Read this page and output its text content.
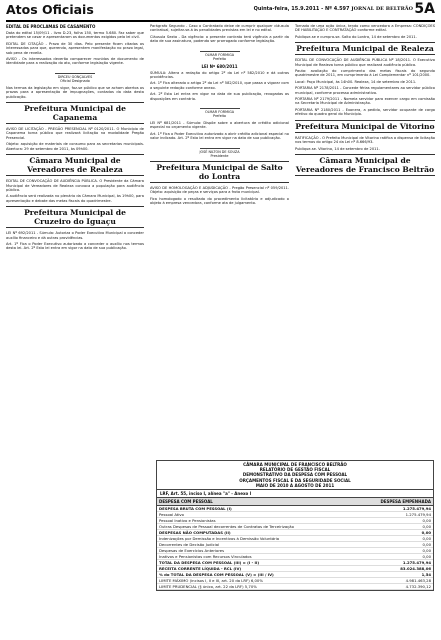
Atos Oficiais	Quinta-feira, 15.9.2011 - Nº 4.597 JORNAL DE BELTRÃO 5A
EDITAL DE PROCLAMAS DE CASAMENTO

Data do edital 15/09/11 - livro D-23, folha 150, termo 5.680. Faz saber que pretendem se casar e apresentaram os documentos exigidos pela lei civil.

EDITAL DE CITAÇÃO - Prazo de 30 dias. Pelo presente ficam citados os interessados para que, querendo, apresentem manifestação no prazo legal, sob pena de revelia.

AVISO - Os interessados deverão comparecer munidos de documento de identidade para a realização do ato, conforme legislação vigente.

DIRCEU GONÇALVES
Oficial Designado

Nos termos da legislação em vigor, faz-se público que se acham abertos os prazos para a apresentação de impugnações, contados da data desta publicação.

Prefeitura Municipal de Capanema

AVISO DE LICITAÇÃO - PREGÃO PRESENCIAL Nº 0120/2011. O Município de Capanema torna público que realizará licitação na modalidade Pregão Presencial.

Objeto: aquisição de materiais de consumo para as secretarias municipais. Abertura: 29 de setembro de 2011, às 09h00.

Câmara Municipal de Vereadores de Realeza

EDITAL DE CONVOCAÇÃO DE AUDIÊNCIA PÚBLICA. O Presidente da Câmara Municipal de Vereadores de Realeza convoca a população para audiência pública.

A audiência será realizada no plenário da Câmara Municipal, às 19h00, para apresentação e debate das metas fiscais do quadrimestre.

Prefeitura Municipal de Cruzeiro do Iguaçu

LEI Nº 692/2011 - Súmula: Autoriza o Poder Executivo Municipal a conceder auxílio financeiro e dá outras providências.

Art. 1º Fica o Poder Executivo autorizado a conceder o auxílio nos termos desta lei. Art. 2º Esta lei entra em vigor na data de sua publicação.

Parágrafo Segundo - Caso o Contratado deixe de cumprir qualquer cláusula contratual, sujeitar-se-á às penalidades previstas em lei e no edital.

Cláusula Sexta - Da vigência: o presente contrato terá vigência a partir da data de sua assinatura, podendo ser prorrogado conforme legislação.

OLMAR FORMIGA
Prefeito
LEI Nº 680/2011

SÚMULA: Altera a redação do artigo 2º da Lei nº 582/2010 e dá outras providências.

Art. 1º Fica alterado o artigo 2º da Lei nº 582/2010, que passa a vigorar com a seguinte redação conforme anexo.

Art. 2º Esta Lei entra em vigor na data de sua publicação, revogadas as disposições em contrário.

OLMAR FORMIGA
Prefeito

LEI Nº 681/2011 - Súmula: Dispõe sobre a abertura de crédito adicional especial no orçamento vigente.

Art. 1º Fica o Poder Executivo autorizado a abrir crédito adicional especial no valor indicado. Art. 2º Esta lei entra em vigor na data de sua publicação.

JOSÉ NILTON DE SOUZA
Presidente
Prefeitura Municipal de Salto do Lontra

AVISO DE HOMOLOGAÇÃO E ADJUDICAÇÃO - Pregão Presencial nº 059/2011. Objeto: aquisição de peças e serviços para a frota municipal.

Fica homologado o resultado do procedimento licitatório e adjudicado o objeto à empresa vencedora, conforme ata de julgamento.

Tornado de uma ação única, tendo como vencedora a Empresa: CONDIÇÕES DE HABILITAÇÃO E CONTRATAÇÃO conforme edital.

Publique-se e cumpra-se. Salto do Lontra, 14 de setembro de 2011.

Prefeitura Municipal de Realeza

EDITAL DE CONVOCAÇÃO DE AUDIÊNCIA PÚBLICA Nº 18/2011. O Executivo Municipal de Realeza torna público que realizará audiência pública.

Pauta: avaliação do cumprimento das metas fiscais do segundo quadrimestre de 2011, em cumprimento à Lei Complementar nº 101/2000.

Local: Paço Municipal, às 14h00. Realeza, 14 de setembro de 2011.

PORTARIA Nº 2178/2011 - Concede férias regulamentares ao servidor público municipal, conforme processo administrativo.

PORTARIA Nº 2179/2011 - Nomeia servidor para exercer cargo em comissão na Secretaria Municipal de Administração.

PORTARIA Nº 2180/2011 - Exonera, a pedido, servidor ocupante de cargo efetivo do quadro geral do Município.

Prefeitura Municipal de Vitorino

RATIFICAÇÃO - O Prefeito Municipal de Vitorino ratifica a dispensa de licitação nos termos do artigo 24 da Lei nº 8.666/93.

Publique-se. Vitorino, 14 de setembro de 2011.

Câmara Municipal de Vereadores de Francisco Beltrão
CÂMARA MUNICIPAL DE FRANCISCO BELTRÃO
RELATÓRIO DE GESTÃO FISCAL
DEMONSTRATIVO DA DESPESA COM PESSOAL
ORÇAMENTOS FISCAL E DA SEGURIDADE SOCIAL
MAIO DE 2010 A AGOSTO DE 2011
LRF, Art. 55, inciso I, alínea "a" - Anexo I
DESPESA COM PESSOAL	DESPESA EMPENHADA
DESPESA BRUTA COM PESSOAL (I)	1.275.479,94
Pessoal Ativo	1.275.479,94
Pessoal Inativo e Pensionistas	0,00
Outras Despesas de Pessoal decorrentes de Contratos de Terceirização	0,00
DESPESAS NÃO COMPUTADAS (II)	0,00
Indenizações por Demissão e Incentivos à Demissão Voluntária	0,00
Decorrentes de Decisão Judicial	0,00
Despesas de Exercícios Anteriores	0,00
Inativos e Pensionistas com Recursos Vinculados	0,00
TOTAL DA DESPESA COM PESSOAL (III) = (I - II)	1.275.479,94
RECEITA CORRENTE LÍQUIDA - RCL (IV)	83.024.388,06
% do TOTAL DA DESPESA COM PESSOAL (V) = (III / IV)	1,54
LIMITE MÁXIMO (incisos I, II e III, art. 20 da LRF) 6,00%	4.981.463,28
LIMITE PRUDENCIAL (§ único, art. 22 da LRF) 5,70%	4.732.390,12
